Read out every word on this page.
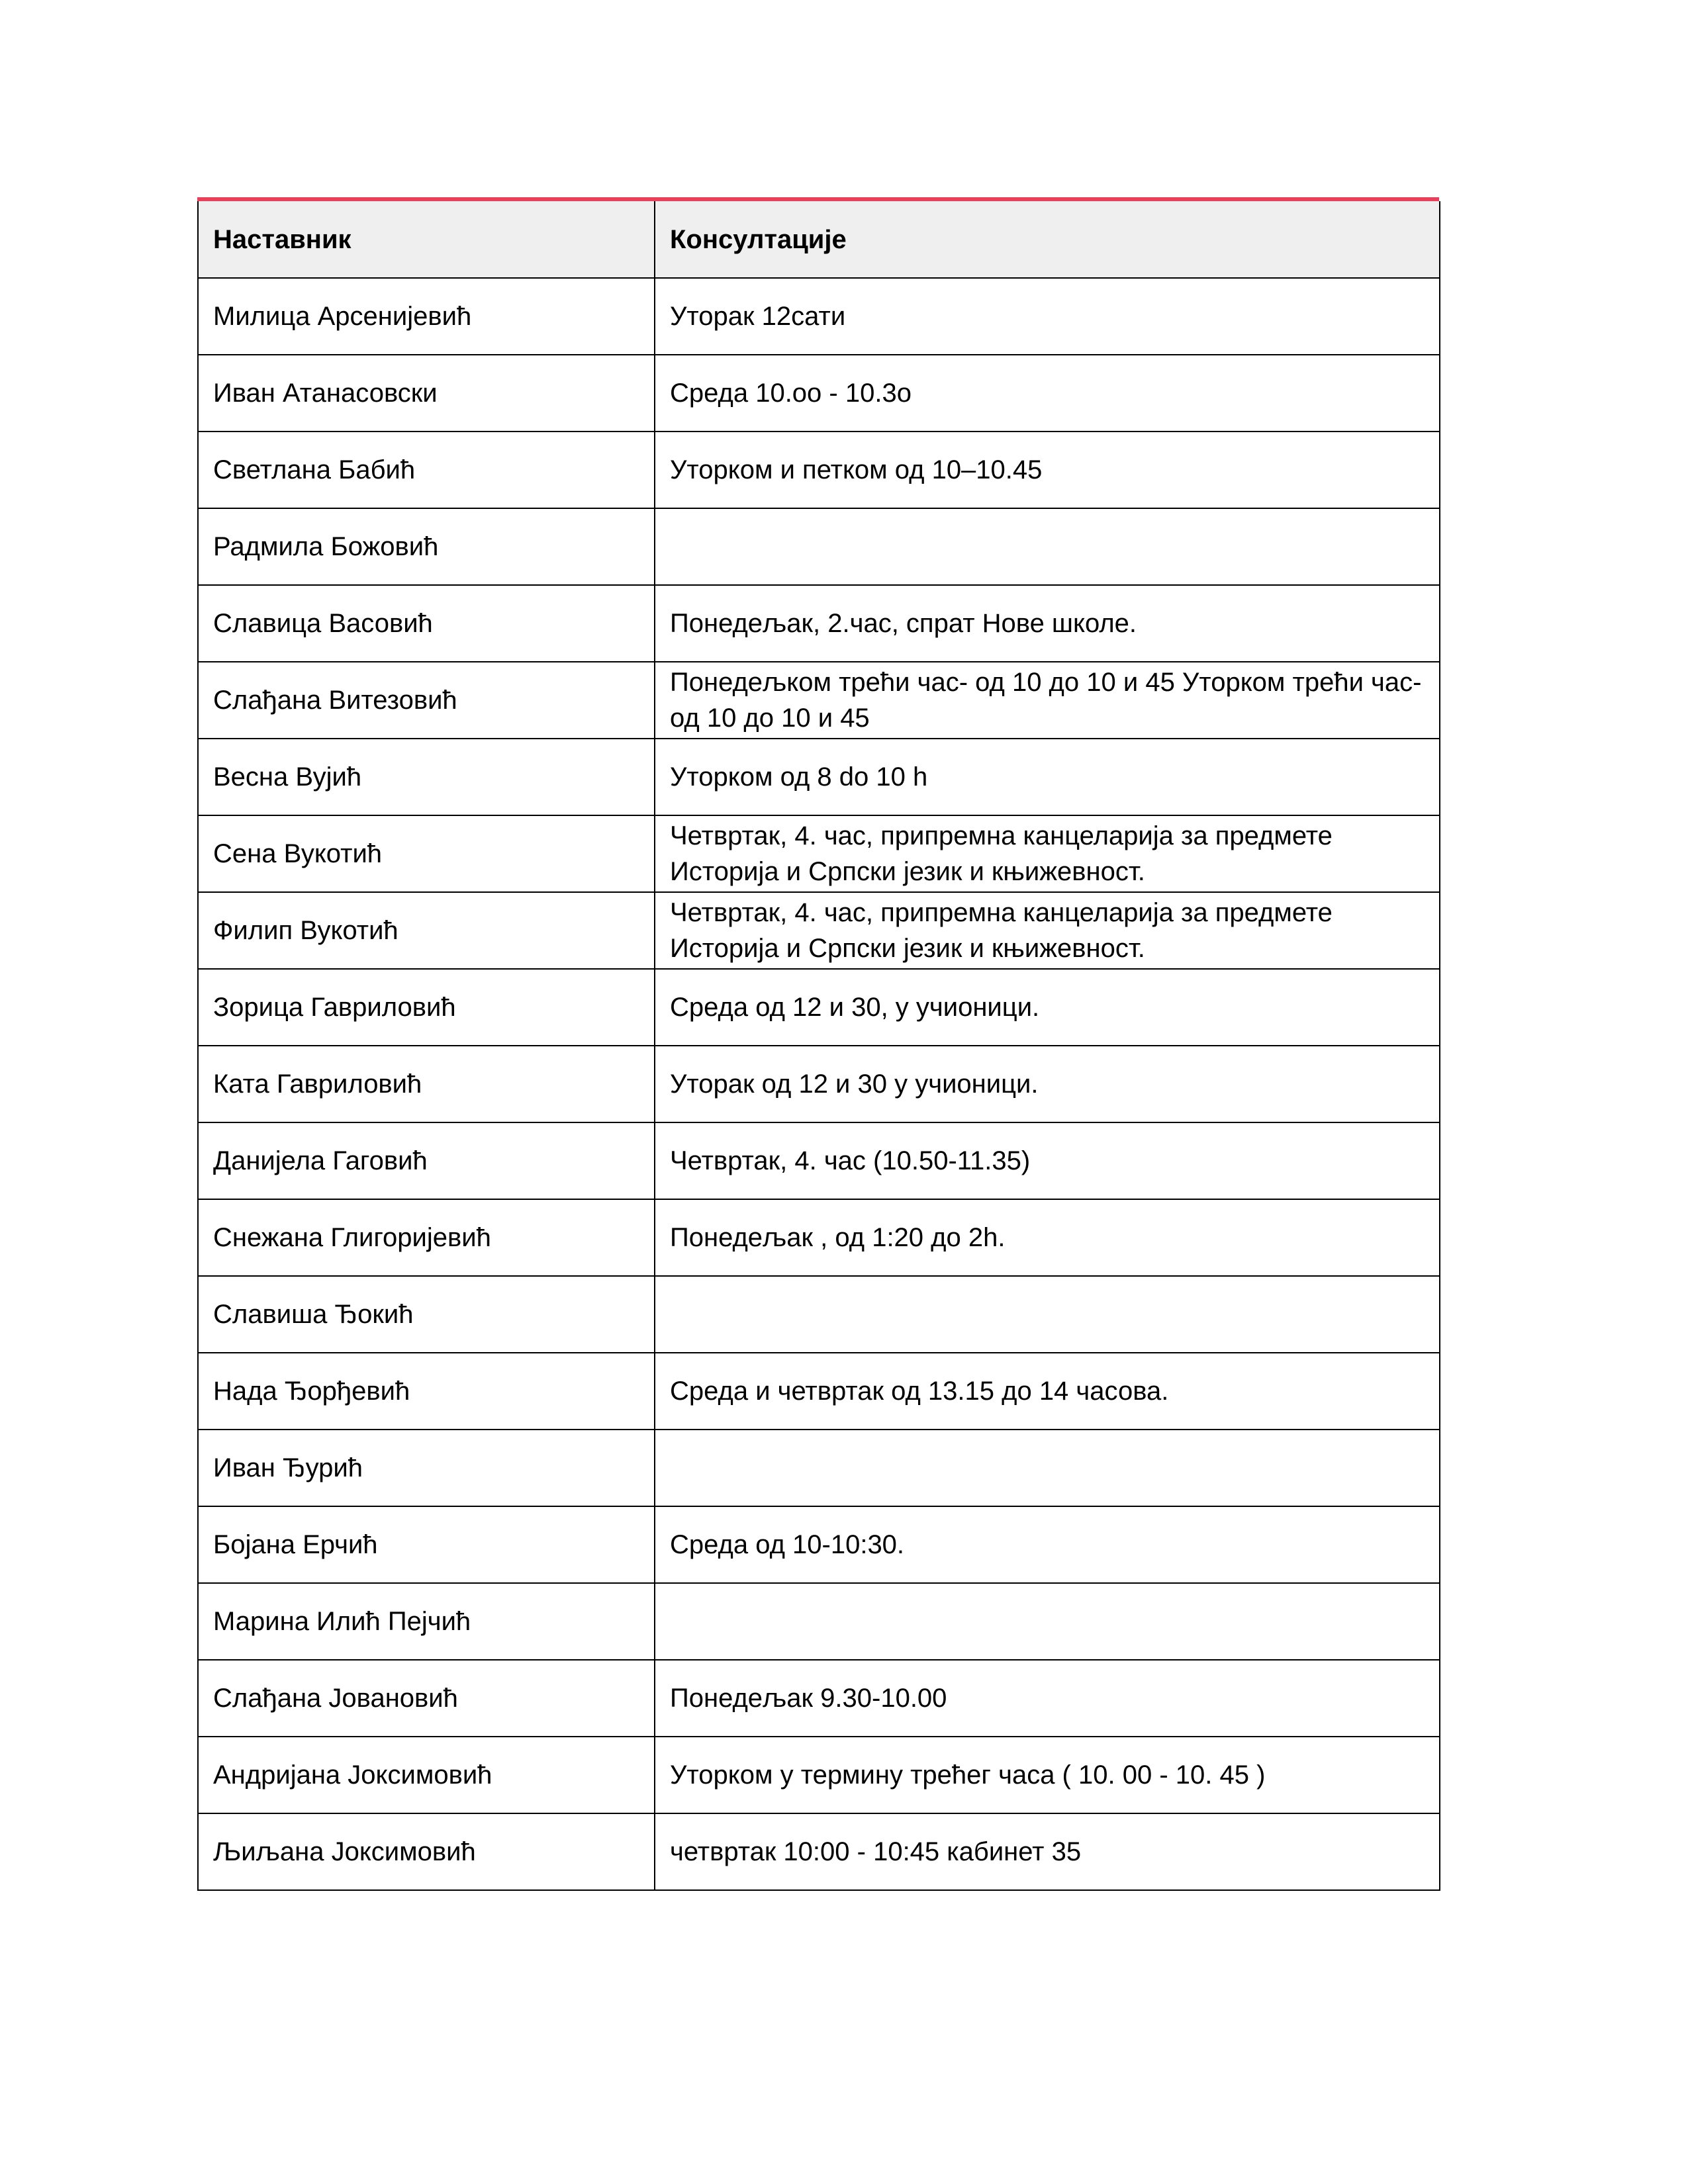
Наставник	Консултације
Милица Арсенијевић	Уторак 12сати
Иван Атанасовски	Среда 10.оо - 10.3о
Светлана Бабић	Уторком и петком од 10–10.45
Радмила Божовић	
Славица Васовић	Понедељак, 2.час, спрат Нове школе.
Слађана Витезовић	Понедељком трећи час- од 10 до 10 и 45 Уторком трећи час- од 10 до 10 и 45
Весна Вујић	Уторком од 8 do 10 h
Сена Вукотић	Четвртак, 4. час, припремна канцеларија за предмете Историја и Српски језик и књижевност.
Филип Вукотић	Четвртак, 4. час, припремна канцеларија за предмете Историја и Српски језик и књижевност.
Зорица Гавриловић	Среда од 12 и 30, у учионици.
Ката Гавриловић	Уторак од 12 и 30 у учионици.
Данијела Гаговић	Четвртак, 4. час (10.50-11.35)
Снежана Глигоријевић	Понедељак , од 1:20 до 2h.
Славиша Ђокић	
Нада Ђорђевић	Среда и четвртак од 13.15 до 14 часова.
Иван Ђурић	
Бојана Ерчић	Среда од 10-10:30.
Марина Илић Пејчић	
Слађана Јовановић	Понедељак 9.30-10.00
Андријана Јоксимовић	Уторком у термину трећег часа ( 10. 00 - 10. 45 )
Љиљана Јоксимовић	четвртак 10:00 - 10:45 кабинет 35
